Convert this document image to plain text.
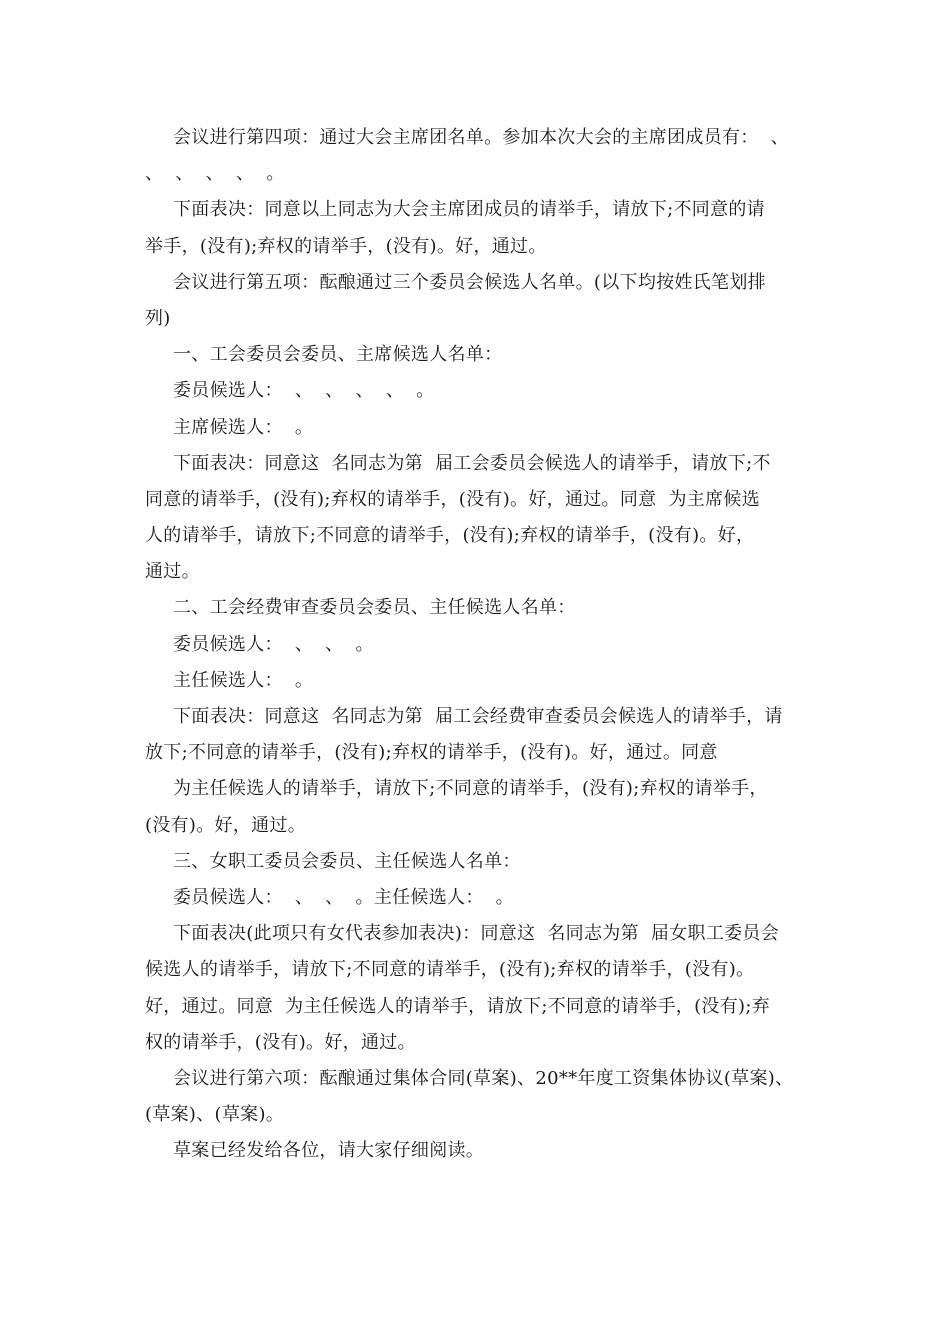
会议进行第四项：通过大会主席团名单。参加本次大会的主席团成员有：  、
、  、  、  、  。
下面表决：同意以上同志为大会主席团成员的请举手，请放下;不同意的请
举手，(没有);弃权的请举手，(没有)。好，通过。
会议进行第五项：酝酿通过三个委员会候选人名单。(以下均按姓氏笔划排
列)
一、工会委员会委员、主席候选人名单：
委员候选人：  、  、  、  、  。
主席候选人：  。
下面表决：同意这  名同志为第  届工会委员会候选人的请举手，请放下;不
同意的请举手，(没有);弃权的请举手，(没有)。好，通过。同意  为主席候选
人的请举手，请放下;不同意的请举手，(没有);弃权的请举手，(没有)。好，
通过。
二、工会经费审查委员会委员、主任候选人名单：
委员候选人：  、  、  。
主任候选人：  。
下面表决：同意这  名同志为第  届工会经费审查委员会候选人的请举手，请
放下;不同意的请举手，(没有);弃权的请举手，(没有)。好，通过。同意
为主任候选人的请举手，请放下;不同意的请举手，(没有);弃权的请举手，
(没有)。好，通过。
三、女职工委员会委员、主任候选人名单：
委员候选人：  、  、  。主任候选人：  。
下面表决(此项只有女代表参加表决)：同意这  名同志为第  届女职工委员会
候选人的请举手，请放下;不同意的请举手，(没有);弃权的请举手，(没有)。
好，通过。同意  为主任候选人的请举手，请放下;不同意的请举手，(没有);弃
权的请举手，(没有)。好，通过。
会议进行第六项：酝酿通过集体合同(草案)、20**年度工资集体协议(草案)、
(草案)、(草案)。
草案已经发给各位，请大家仔细阅读。
